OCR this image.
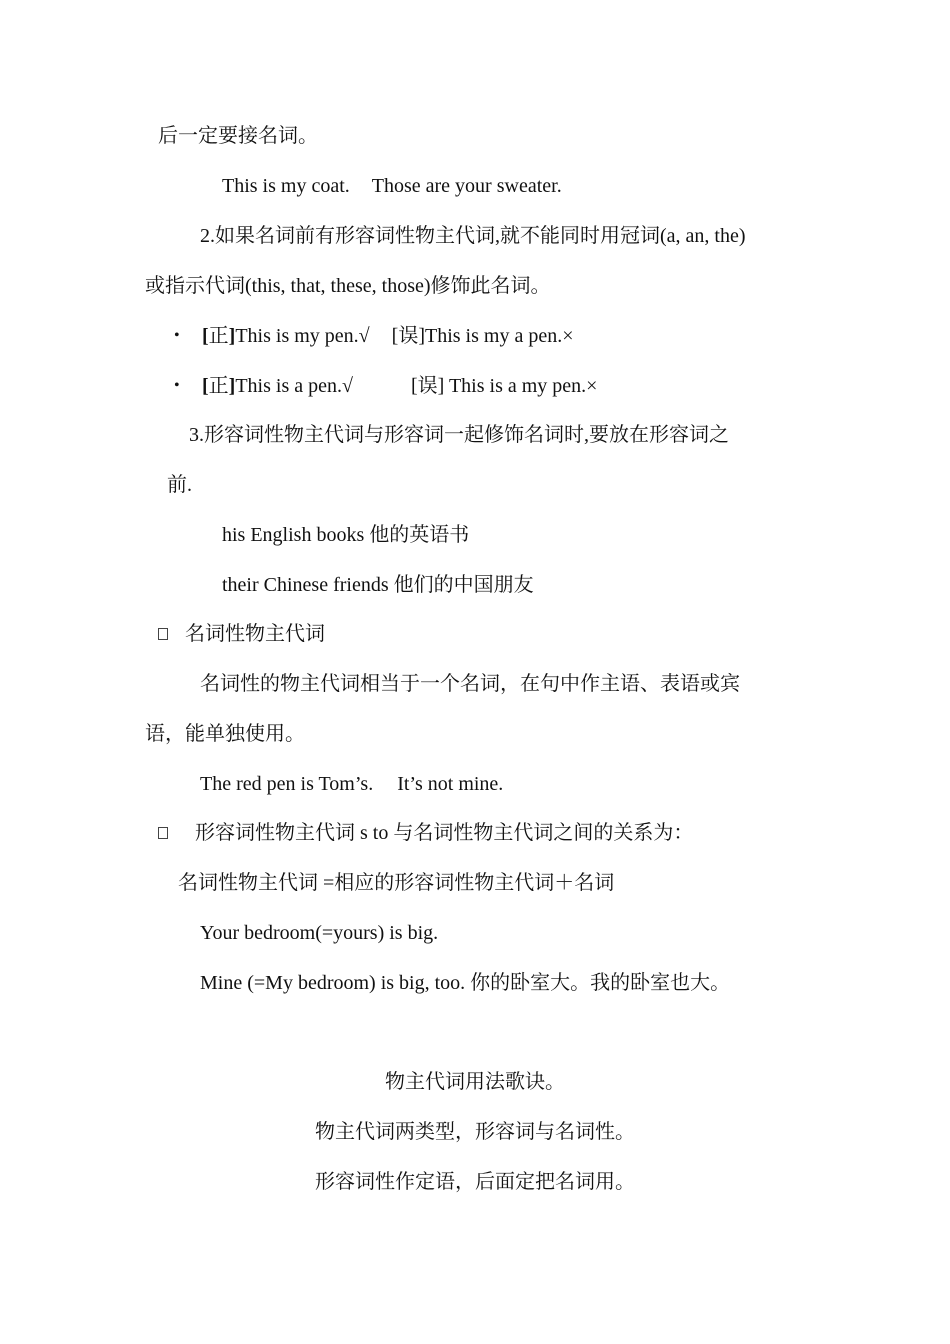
后一定要接名词。
This is my coat. Those are your sweater.
2.如果名词前有形容词性物主代词,就不能同时用冠词(a, an, the)
或指示代词(this, that, these, those)修饰此名词。
• [正]This is my pen.√ [误]This is my a pen.×
• [正]This is a pen.√	[误] This is a my pen.×
3.形容词性物主代词与形容词一起修饰名词时,要放在形容词之
前.
his English books 他的英语书
their Chinese friends 他们的中国朋友
名词性物主代词
名词性的物主代词相当于一个名词，在句中作主语、表语或宾
语，能单独使用。
The red pen is Tom’s. It’s not mine.
形容词性物主代词 s to 与名词性物主代词之间的关系为：
名词性物主代词 =相应的形容词性物主代词＋名词
Your bedroom(=yours) is big.
Mine (=My bedroom) is big, too. 你的卧室大。我的卧室也大。
物主代词用法歌诀。
物主代词两类型，形容词与名词性。
形容词性作定语，后面定把名词用。
